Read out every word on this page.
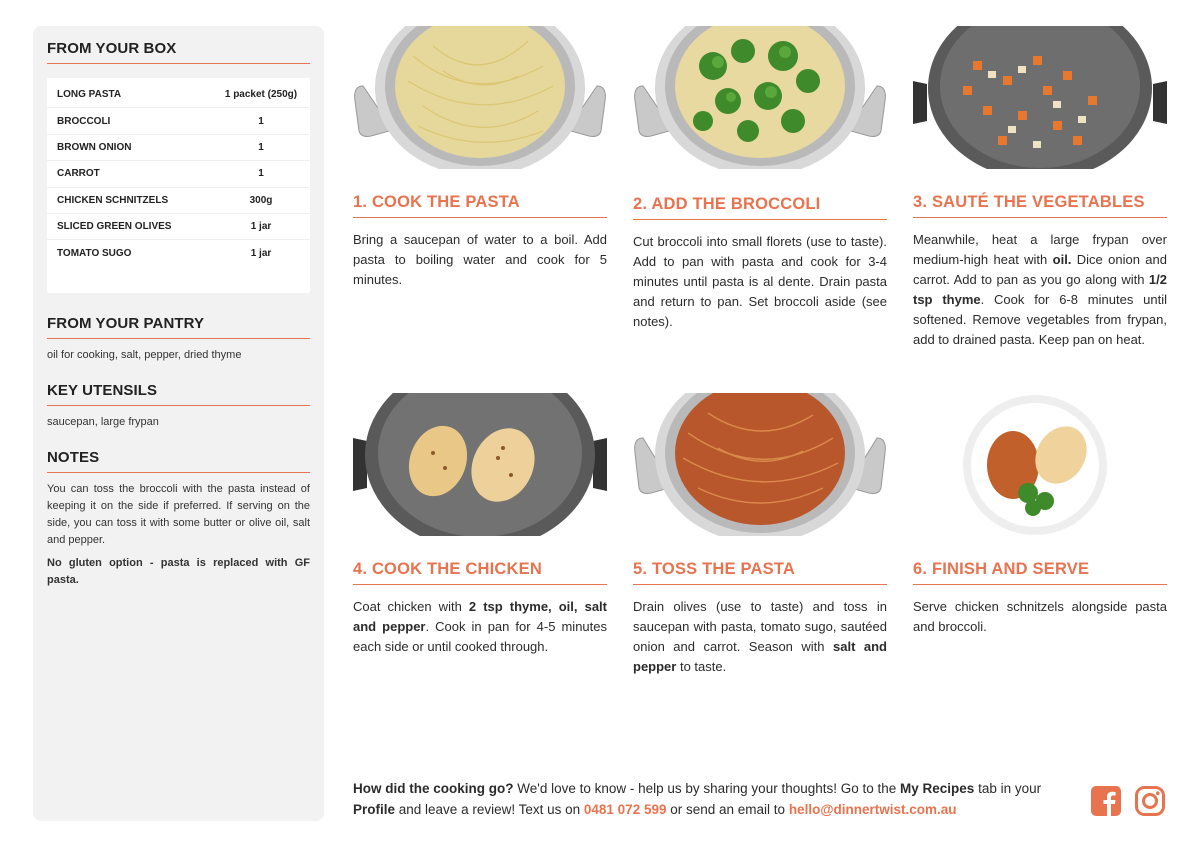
FROM YOUR BOX
LONG PASTA	1 packet (250g)
BROCCOLI	1
BROWN ONION	1
CARROT	1
CHICKEN SCHNITZELS	300g
SLICED GREEN OLIVES	1 jar
TOMATO SUGO	1 jar
FROM YOUR PANTRY
oil for cooking, salt, pepper, dried thyme
KEY UTENSILS
saucepan, large frypan
NOTES
You can toss the broccoli with the pasta instead of keeping it on the side if preferred. If serving on the side, you can toss it with some butter or olive oil, salt and pepper.
No gluten option - pasta is replaced with GF pasta.
1. COOK THE PASTA
Bring a saucepan of water to a boil. Add pasta to boiling water and cook for 5 minutes.
2. ADD THE BROCCOLI
Cut broccoli into small florets (use to taste). Add to pan with pasta and cook for 3-4 minutes until pasta is al dente. Drain pasta and return to pan. Set broccoli aside (see notes).
3. SAUTÉ THE VEGETABLES
Meanwhile, heat a large frypan over medium-high heat with oil. Dice onion and carrot. Add to pan as you go along with 1/2 tsp thyme. Cook for 6-8 minutes until softened. Remove vegetables from frypan, add to drained pasta. Keep pan on heat.
4. COOK THE CHICKEN
Coat chicken with 2 tsp thyme, oil, salt and pepper. Cook in pan for 4-5 minutes each side or until cooked through.
5. TOSS THE PASTA
Drain olives (use to taste) and toss in saucepan with pasta, tomato sugo, sautéed onion and carrot. Season with salt and pepper to taste.
6. FINISH AND SERVE
Serve chicken schnitzels alongside pasta and broccoli.
How did the cooking go? We'd love to know - help us by sharing your thoughts! Go to the My Recipes tab in your Profile and leave a review! Text us on 0481 072 599 or send an email to hello@dinnertwist.com.au
